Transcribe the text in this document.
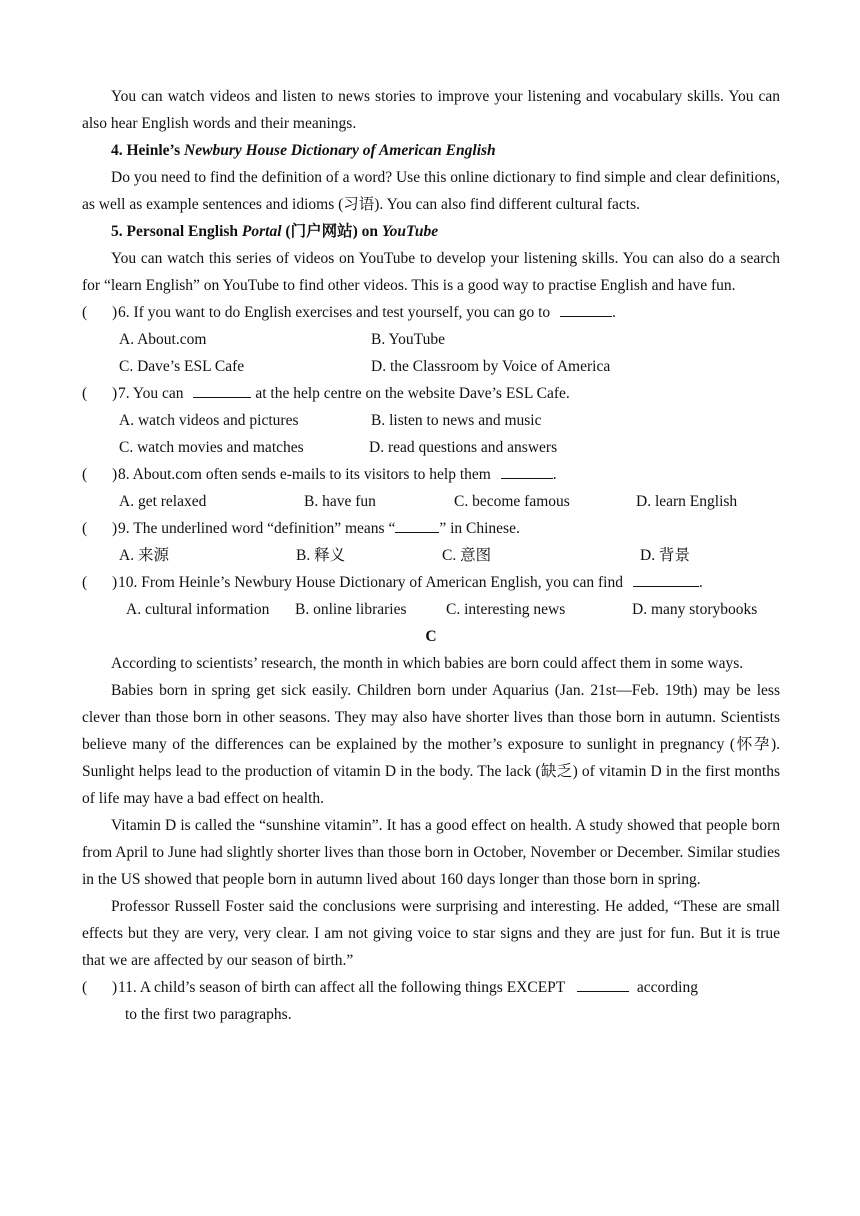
You can watch videos and listen to news stories to improve your listening and vocabulary skills. You can also hear English words and their meanings.

4. Heinle’s Newbury House Dictionary of American English

Do you need to find the definition of a word? Use this online dictionary to find simple and clear definitions, as well as example sentences and idioms (习语). You can also find different cultural facts.

5. Personal English Portal (门户网站) on YouTube

You can watch this series of videos on YouTube to develop your listening skills. You can also do a search for “learn English” on YouTube to find other videos. This is a good way to practise English and have fun.

( ) 6. If you want to do English exercises and test yourself, you can go to	.

A. About.com	B. YouTube
C. Dave’s ESL Cafe	D. the Classroom by Voice of America

( ) 7. You can	at the help centre on the website Dave’s ESL Cafe.

A. watch videos and pictures	B. listen to news and music
C. watch movies and matches	D. read questions and answers

( ) 8. About.com often sends e-mails to its visitors to help them	.

A. get relaxed	B. have fun	C. become famous	D. learn English

( ) 9. The underlined word “definition” means “	” in Chinese.

A. 来源	B. 释义	C. 意图	D. 背景

( ) 10. From Heinle’s Newbury House Dictionary of American English, you can find	.

A. cultural information B. online libraries	C. interesting news	D. many storybooks

C

According to scientists’ research, the month in which babies are born could affect them in some ways.

Babies born in spring get sick easily. Children born under Aquarius (Jan. 21st—Feb. 19th) may be less clever than those born in other seasons. They may also have shorter lives than those born in autumn. Scientists believe many of the differences can be explained by the mother’s exposure to sunlight in pregnancy (怀孕). Sunlight helps lead to the production of vitamin D in the body. The lack (缺乏) of vitamin D in the first months of life may have a bad effect on health.

Vitamin D is called the “sunshine vitamin”. It has a good effect on health. A study showed that people born from April to June had slightly shorter lives than those born in October, November or December. Similar studies in the US showed that people born in autumn lived about 160 days longer than those born in spring.

Professor Russell Foster said the conclusions were surprising and interesting. He added, “These are small effects but they are very, very clear. I am not giving voice to star signs and they are just for fun. But it is true that we are affected by our season of birth.”

( ) 11. A child’s season of birth can affect all the following things EXCEPT	according

to the first two paragraphs.
